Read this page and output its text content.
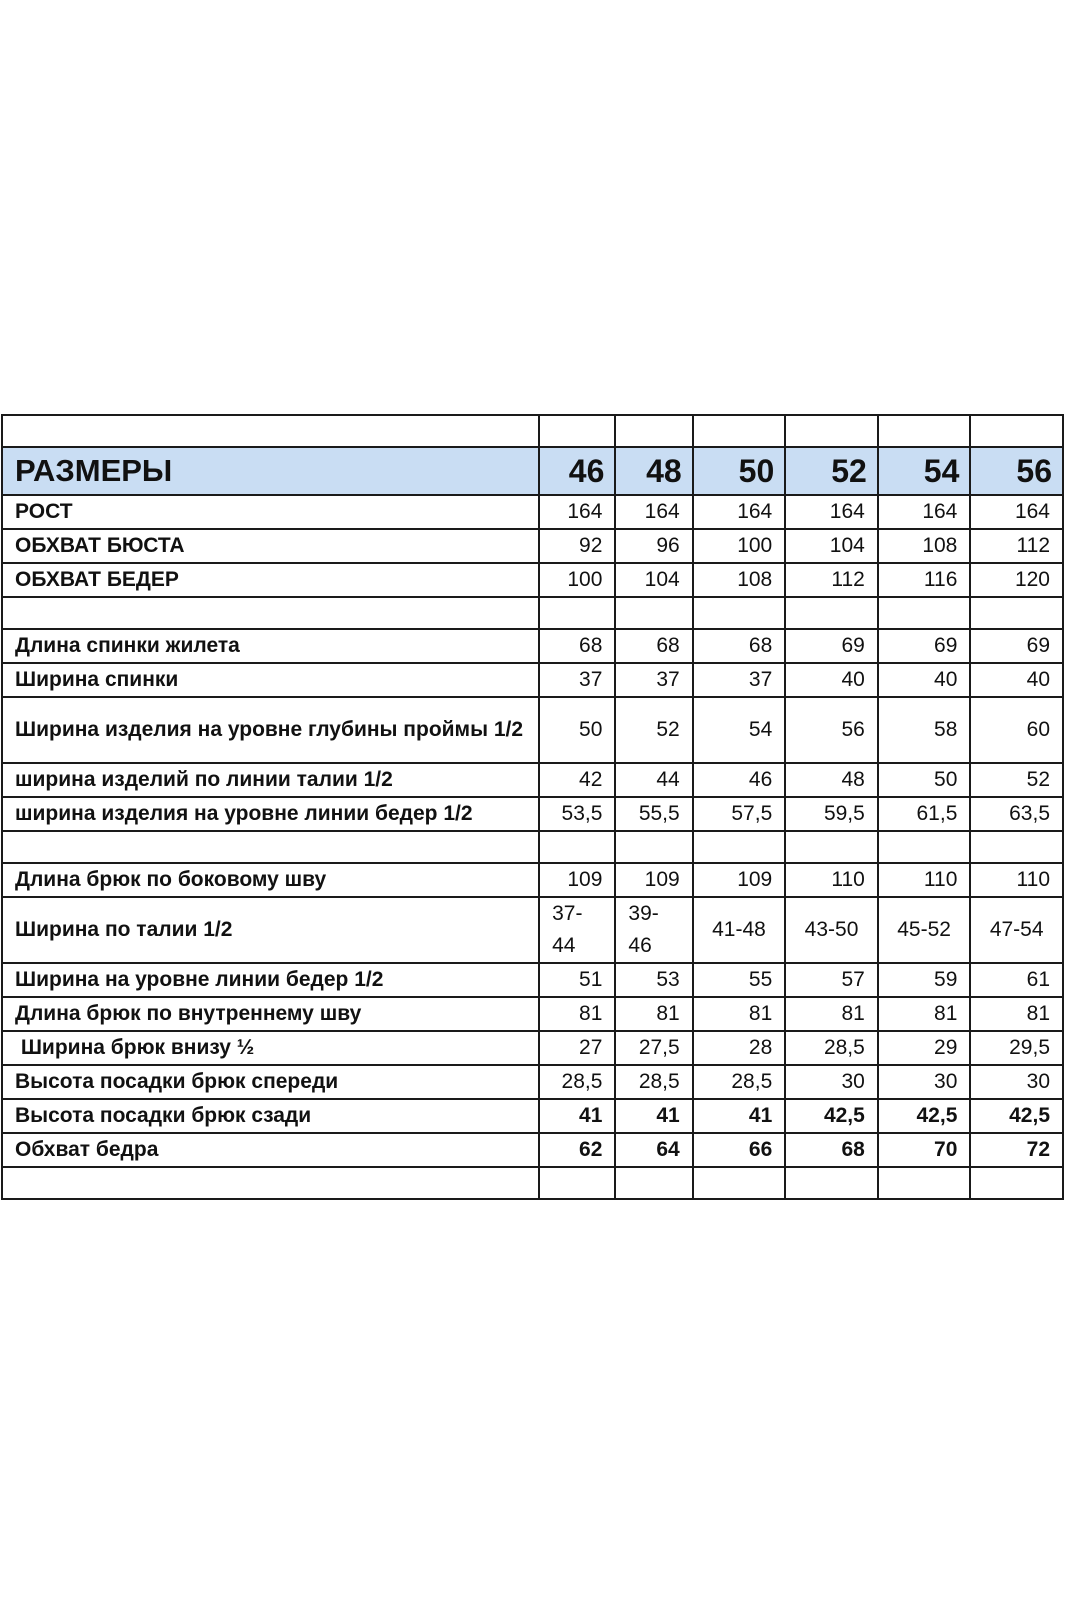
РАЗМЕРЫ	46	48	50	52	54	56
РОСТ	164	164	164	164	164	164
ОБХВАТ БЮСТА	92	96	100	104	108	112
ОБХВАТ БЕДЕР	100	104	108	112	116	120

Длина спинки жилета	68	68	68	69	69	69
Ширина спинки	37	37	37	40	40	40
Ширина изделия на уровне глубины проймы 1/2	50	52	54	56	58	60
ширина изделий по линии талии 1/2	42	44	46	48	50	52
ширина изделия на уровне линии бедер 1/2	53,5	55,5	57,5	59,5	61,5	63,5

Длина брюк по боковому шву	109	109	109	110	110	110
Ширина по талии 1/2	37-44	39-46	41-48	43-50	45-52	47-54
Ширина на уровне линии бедер 1/2	51	53	55	57	59	61
Длина брюк по внутреннему шву	81	81	81	81	81	81
Ширина брюк внизу ½	27	27,5	28	28,5	29	29,5
Высота посадки брюк спереди	28,5	28,5	28,5	30	30	30
Высота посадки брюк сзади	41	41	41	42,5	42,5	42,5
Обхват бедра	62	64	66	68	70	72
